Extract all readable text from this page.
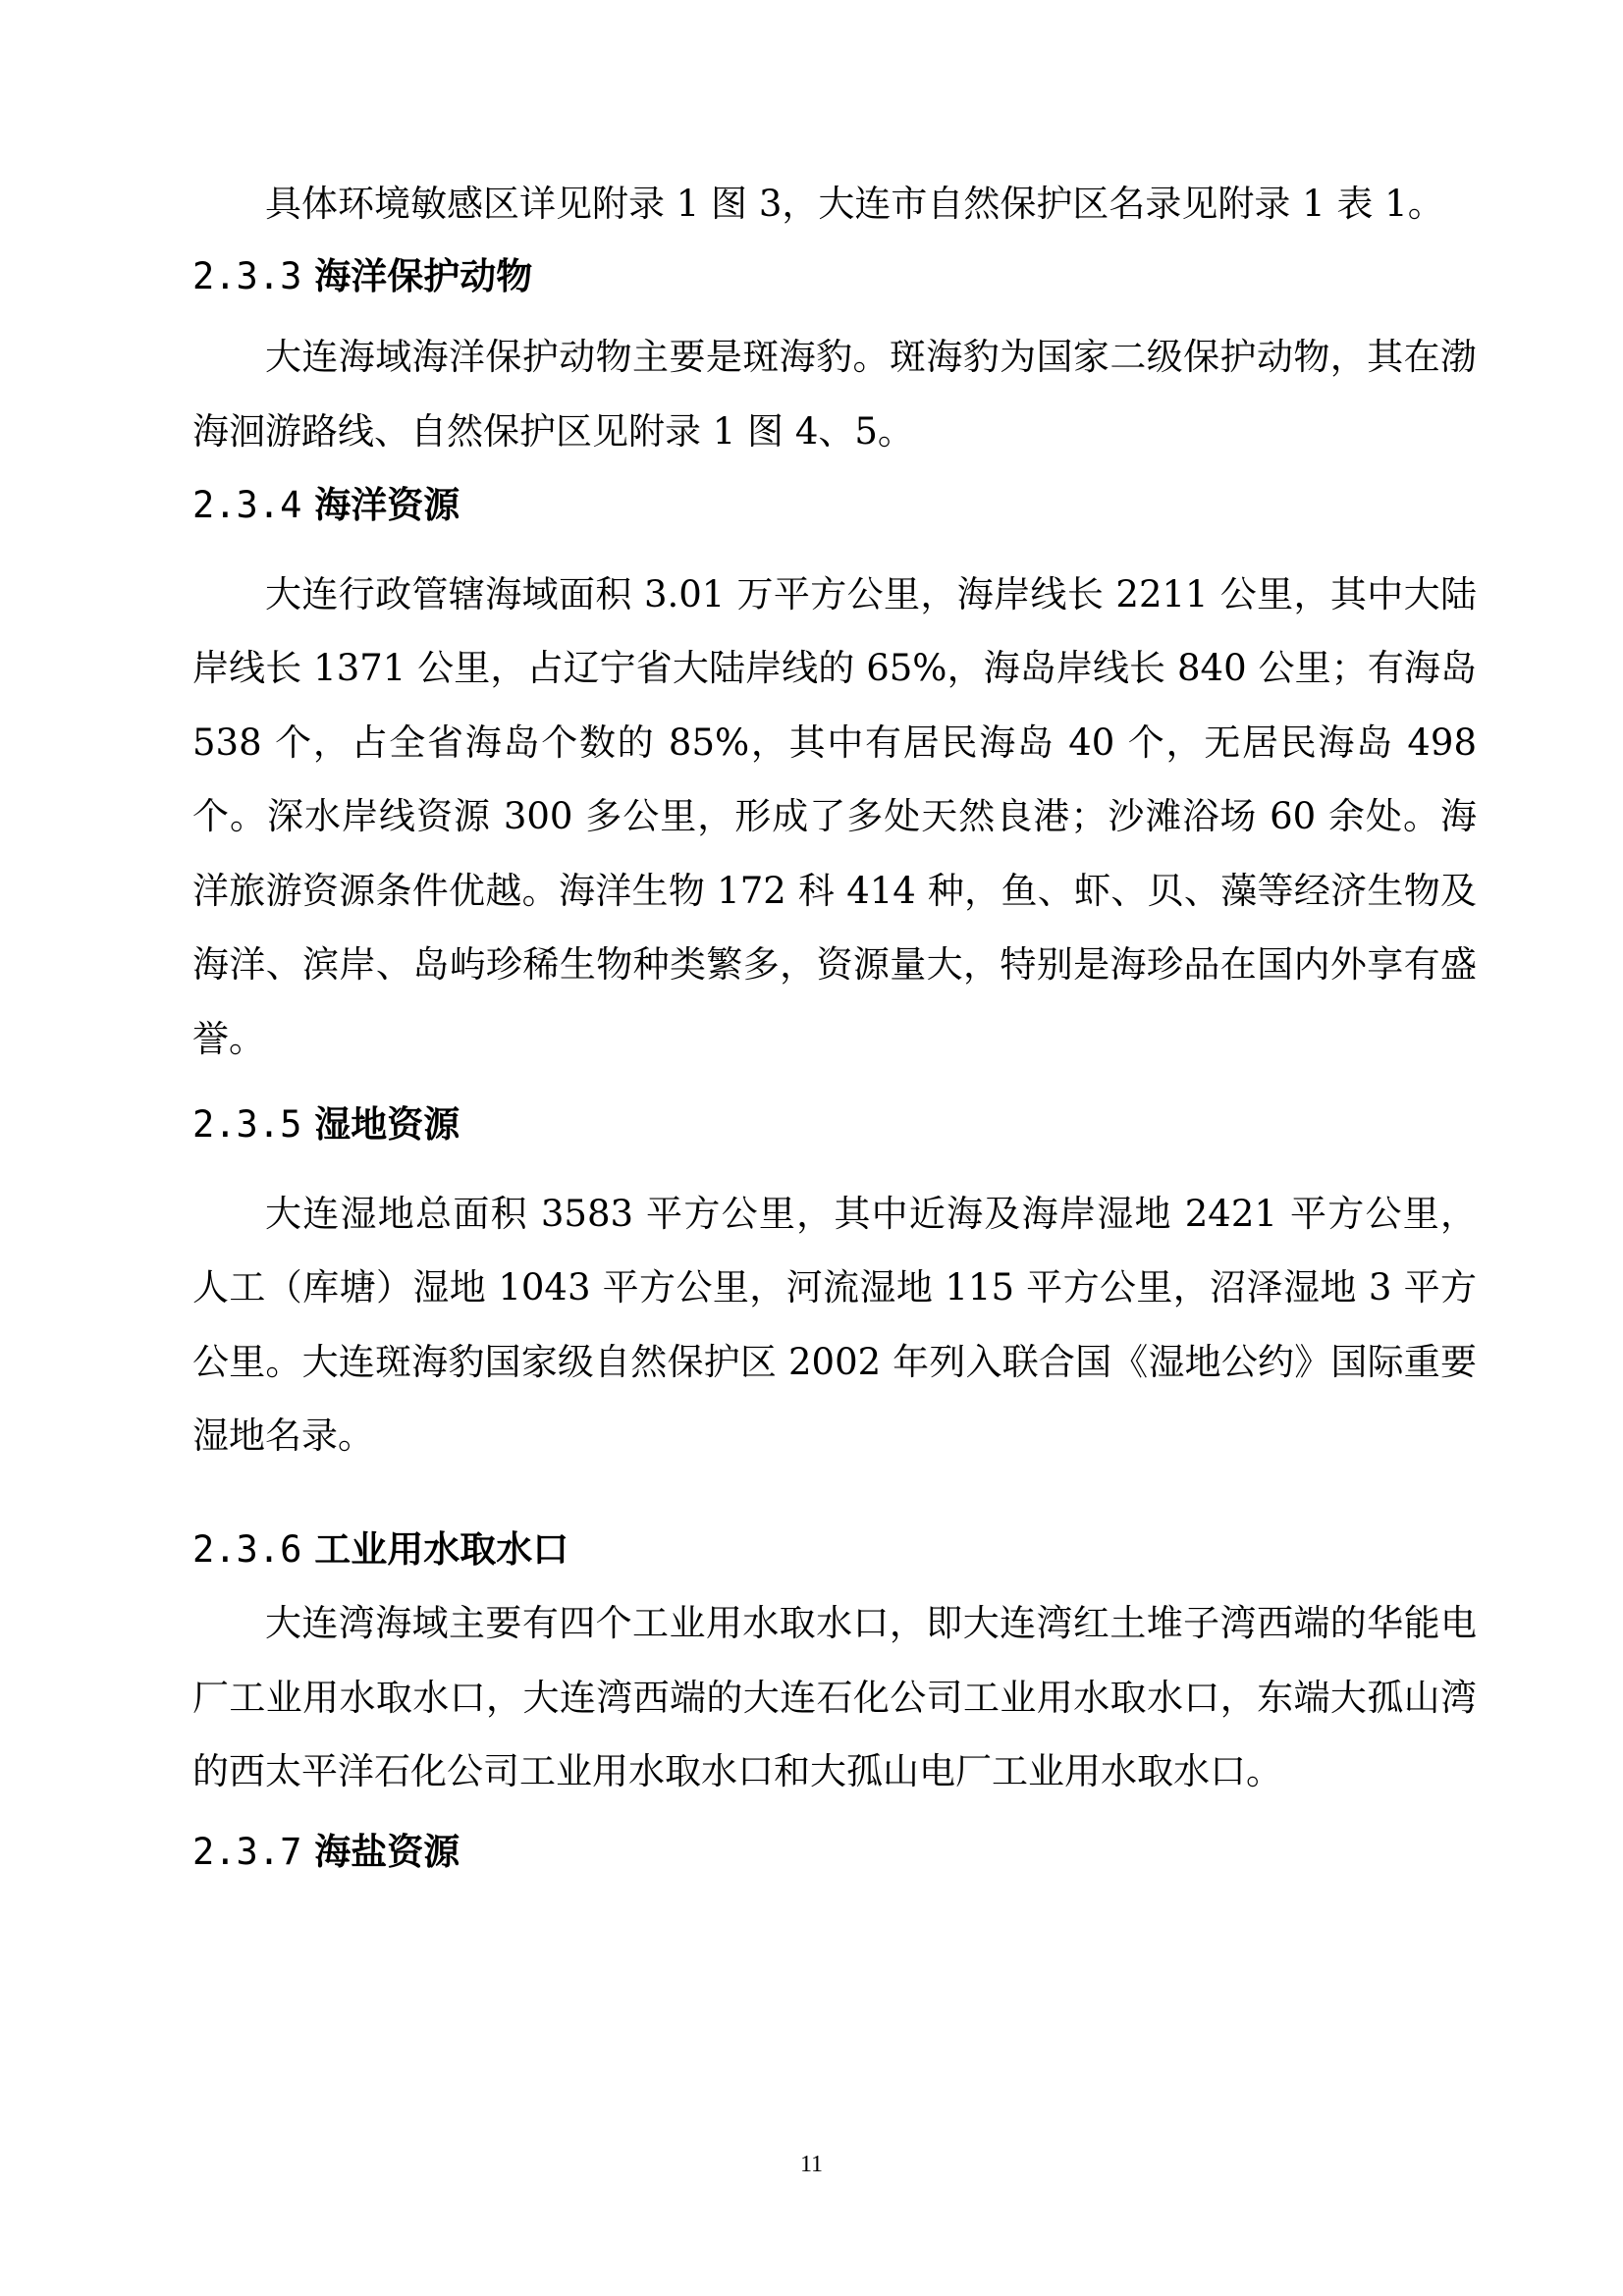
具体环境敏感区详见附录 1 图 3，大连市自然保护区名录见附录 1 表 1。

2.3.3 海洋保护动物

大连海域海洋保护动物主要是斑海豹。斑海豹为国家二级保护动物，其在渤海洄游路线、自然保护区见附录 1 图 4、5。

2.3.4 海洋资源

大连行政管辖海域面积 3.01 万平方公里，海岸线长 2211 公里，其中大陆岸线长 1371 公里，占辽宁省大陆岸线的 65%，海岛岸线长 840 公里；有海岛 538 个，占全省海岛个数的 85%，其中有居民海岛 40 个，无居民海岛 498 个。深水岸线资源 300 多公里，形成了多处天然良港；沙滩浴场 60 余处。海洋旅游资源条件优越。海洋生物 172 科 414 种，鱼、虾、贝、藻等经济生物及海洋、滨岸、岛屿珍稀生物种类繁多，资源量大，特别是海珍品在国内外享有盛誉。

2.3.5 湿地资源

大连湿地总面积 3583 平方公里，其中近海及海岸湿地 2421 平方公里，人工（库塘）湿地 1043 平方公里，河流湿地 115 平方公里，沼泽湿地 3 平方公里。大连斑海豹国家级自然保护区 2002 年列入联合国《湿地公约》国际重要湿地名录。

2.3.6 工业用水取水口

大连湾海域主要有四个工业用水取水口，即大连湾红土堆子湾西端的华能电厂工业用水取水口，大连湾西端的大连石化公司工业用水取水口，东端大孤山湾的西太平洋石化公司工业用水取水口和大孤山电厂工业用水取水口。

2.3.7 海盐资源
11
